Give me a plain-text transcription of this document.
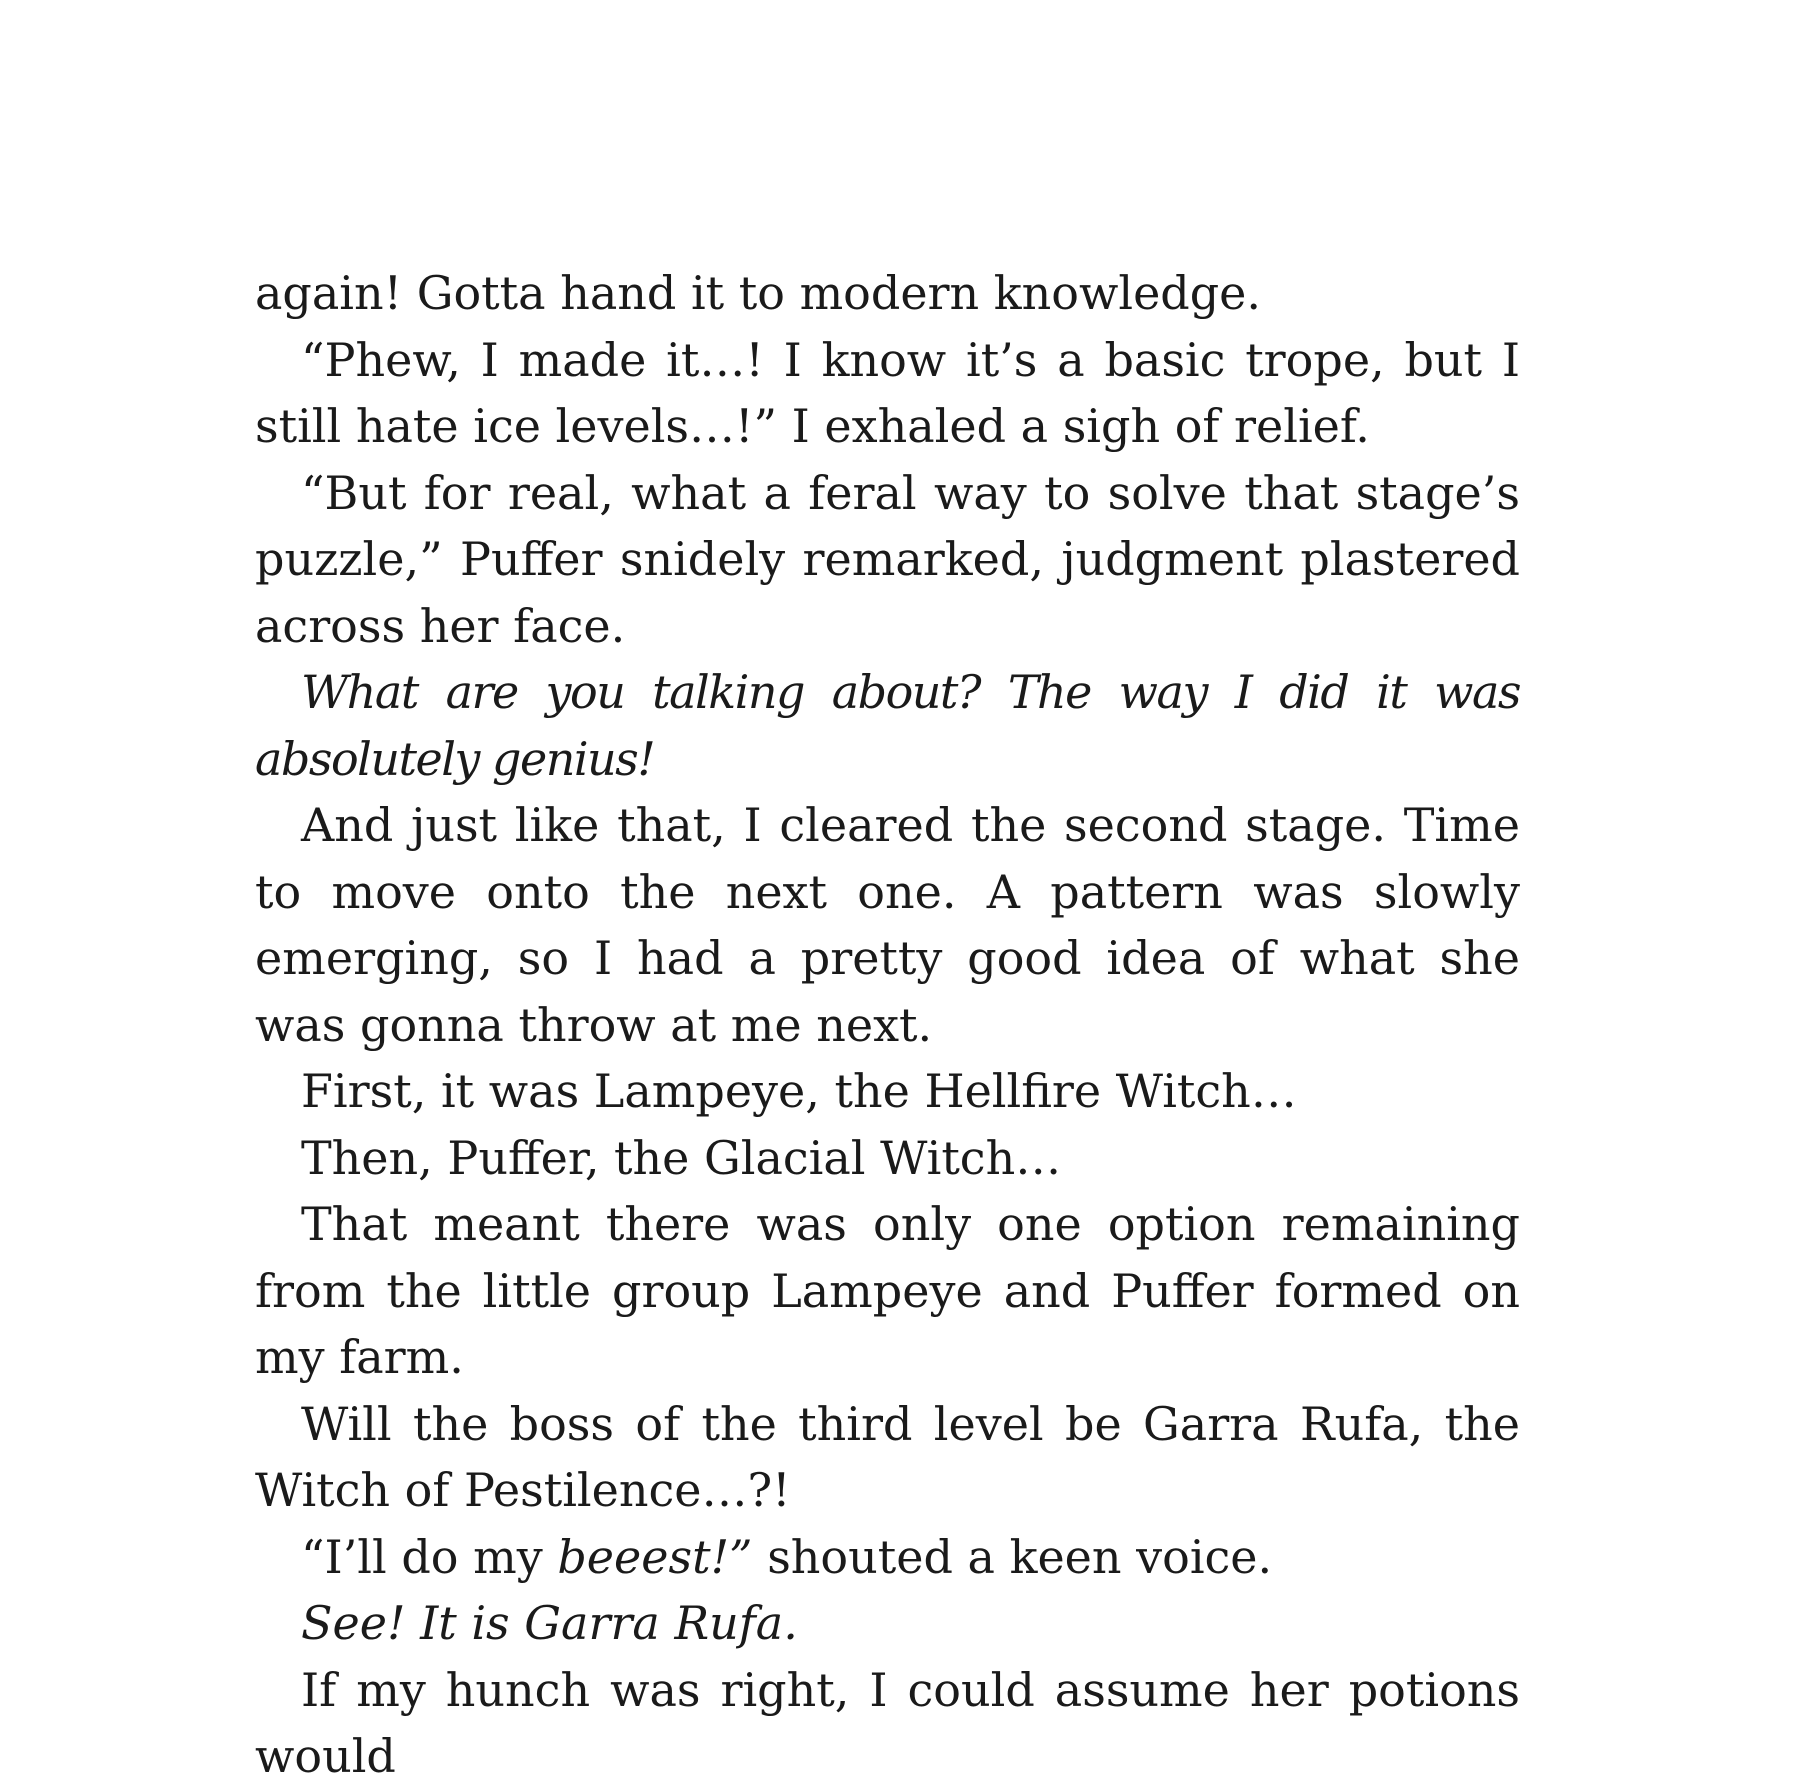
again! Gotta hand it to modern knowledge.

“Phew, I made it…! I know it’s a basic trope, but I still hate ice levels…!” I exhaled a sigh of relief.

“But for real, what a feral way to solve that stage’s puzzle,” Puffer snidely remarked, judgment plastered across her face.

What are you talking about? The way I did it was absolutely genius!

And just like that, I cleared the second stage. Time to move onto the next one. A pattern was slowly emerging, so I had a pretty good idea of what she was gonna throw at me next.

First, it was Lampeye, the Hellfire Witch…

Then, Puffer, the Glacial Witch…

That meant there was only one option remaining from the little group Lampeye and Puffer formed on my farm.

Will the boss of the third level be Garra Rufa, the Witch of Pestilence…?!

“I’ll do my beeest!” shouted a keen voice.

See! It is Garra Rufa.

If my hunch was right, I could assume her potions would
